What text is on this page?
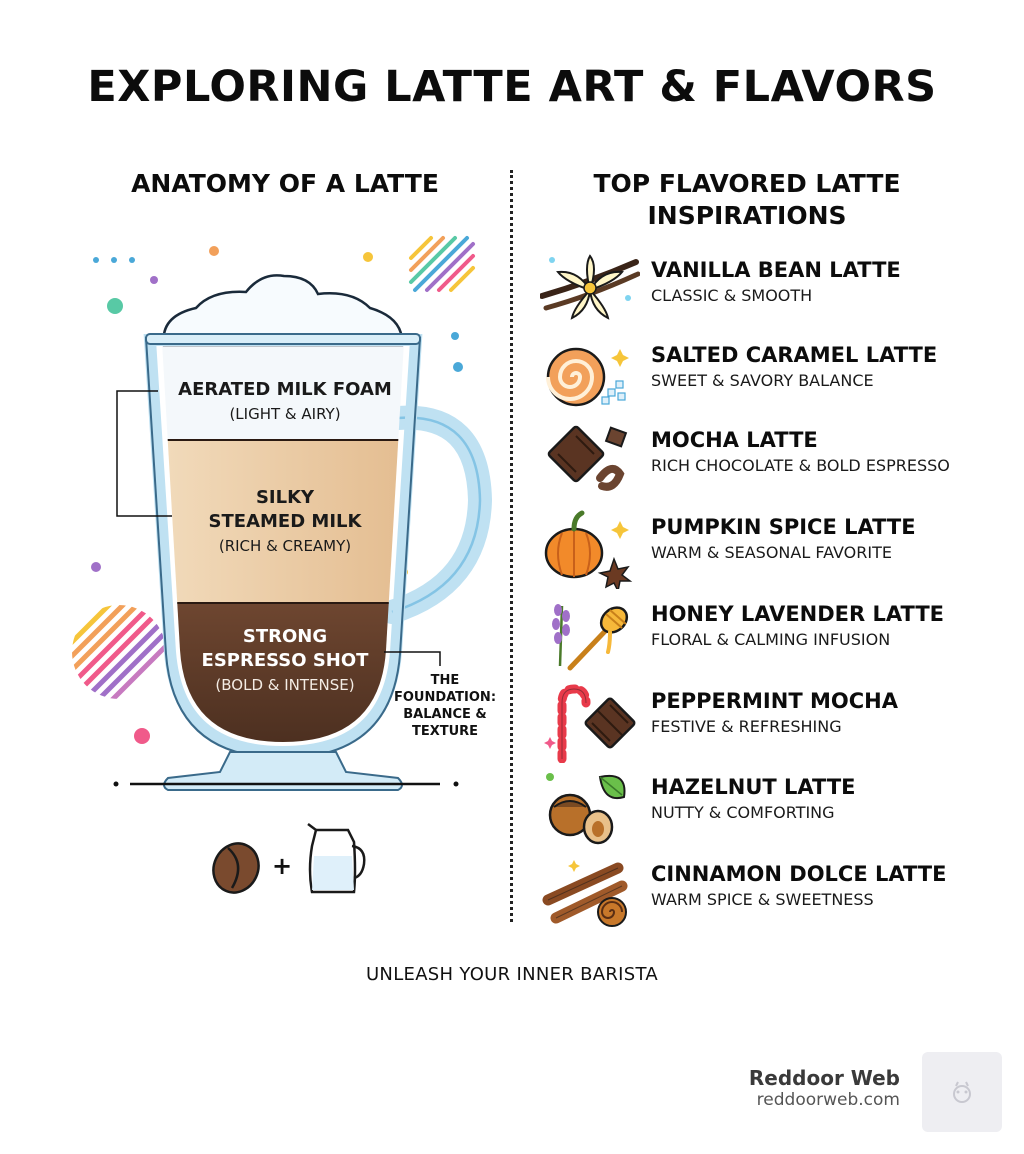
EXPLORING LATTE ART & FLAVORS
ANATOMY OF A LATTE	TOP FLAVORED LATTE
INSPIRATIONS
AERATED MILK FOAM
(LIGHT & AIRY)
SILKY
STEAMED MILK
(RICH & CREAMY)
STRONG
ESPRESSO SHOT
(BOLD & INTENSE)	THE
FOUNDATION:
BALANCE &
TEXTURE
+
VANILLA BEAN LATTE
CLASSIC & SMOOTH
SALTED CARAMEL LATTE
SWEET & SAVORY BALANCE
MOCHA LATTE
RICH CHOCOLATE & BOLD ESPRESSO
PUMPKIN SPICE LATTE
WARM & SEASONAL FAVORITE
HONEY LAVENDER LATTE
FLORAL & CALMING INFUSION
PEPPERMINT MOCHA
FESTIVE & REFRESHING
HAZELNUT LATTE
NUTTY & COMFORTING
CINNAMON DOLCE LATTE
WARM SPICE & SWEETNESS
UNLEASH YOUR INNER BARISTA
Reddoor Web
reddoorweb.com
